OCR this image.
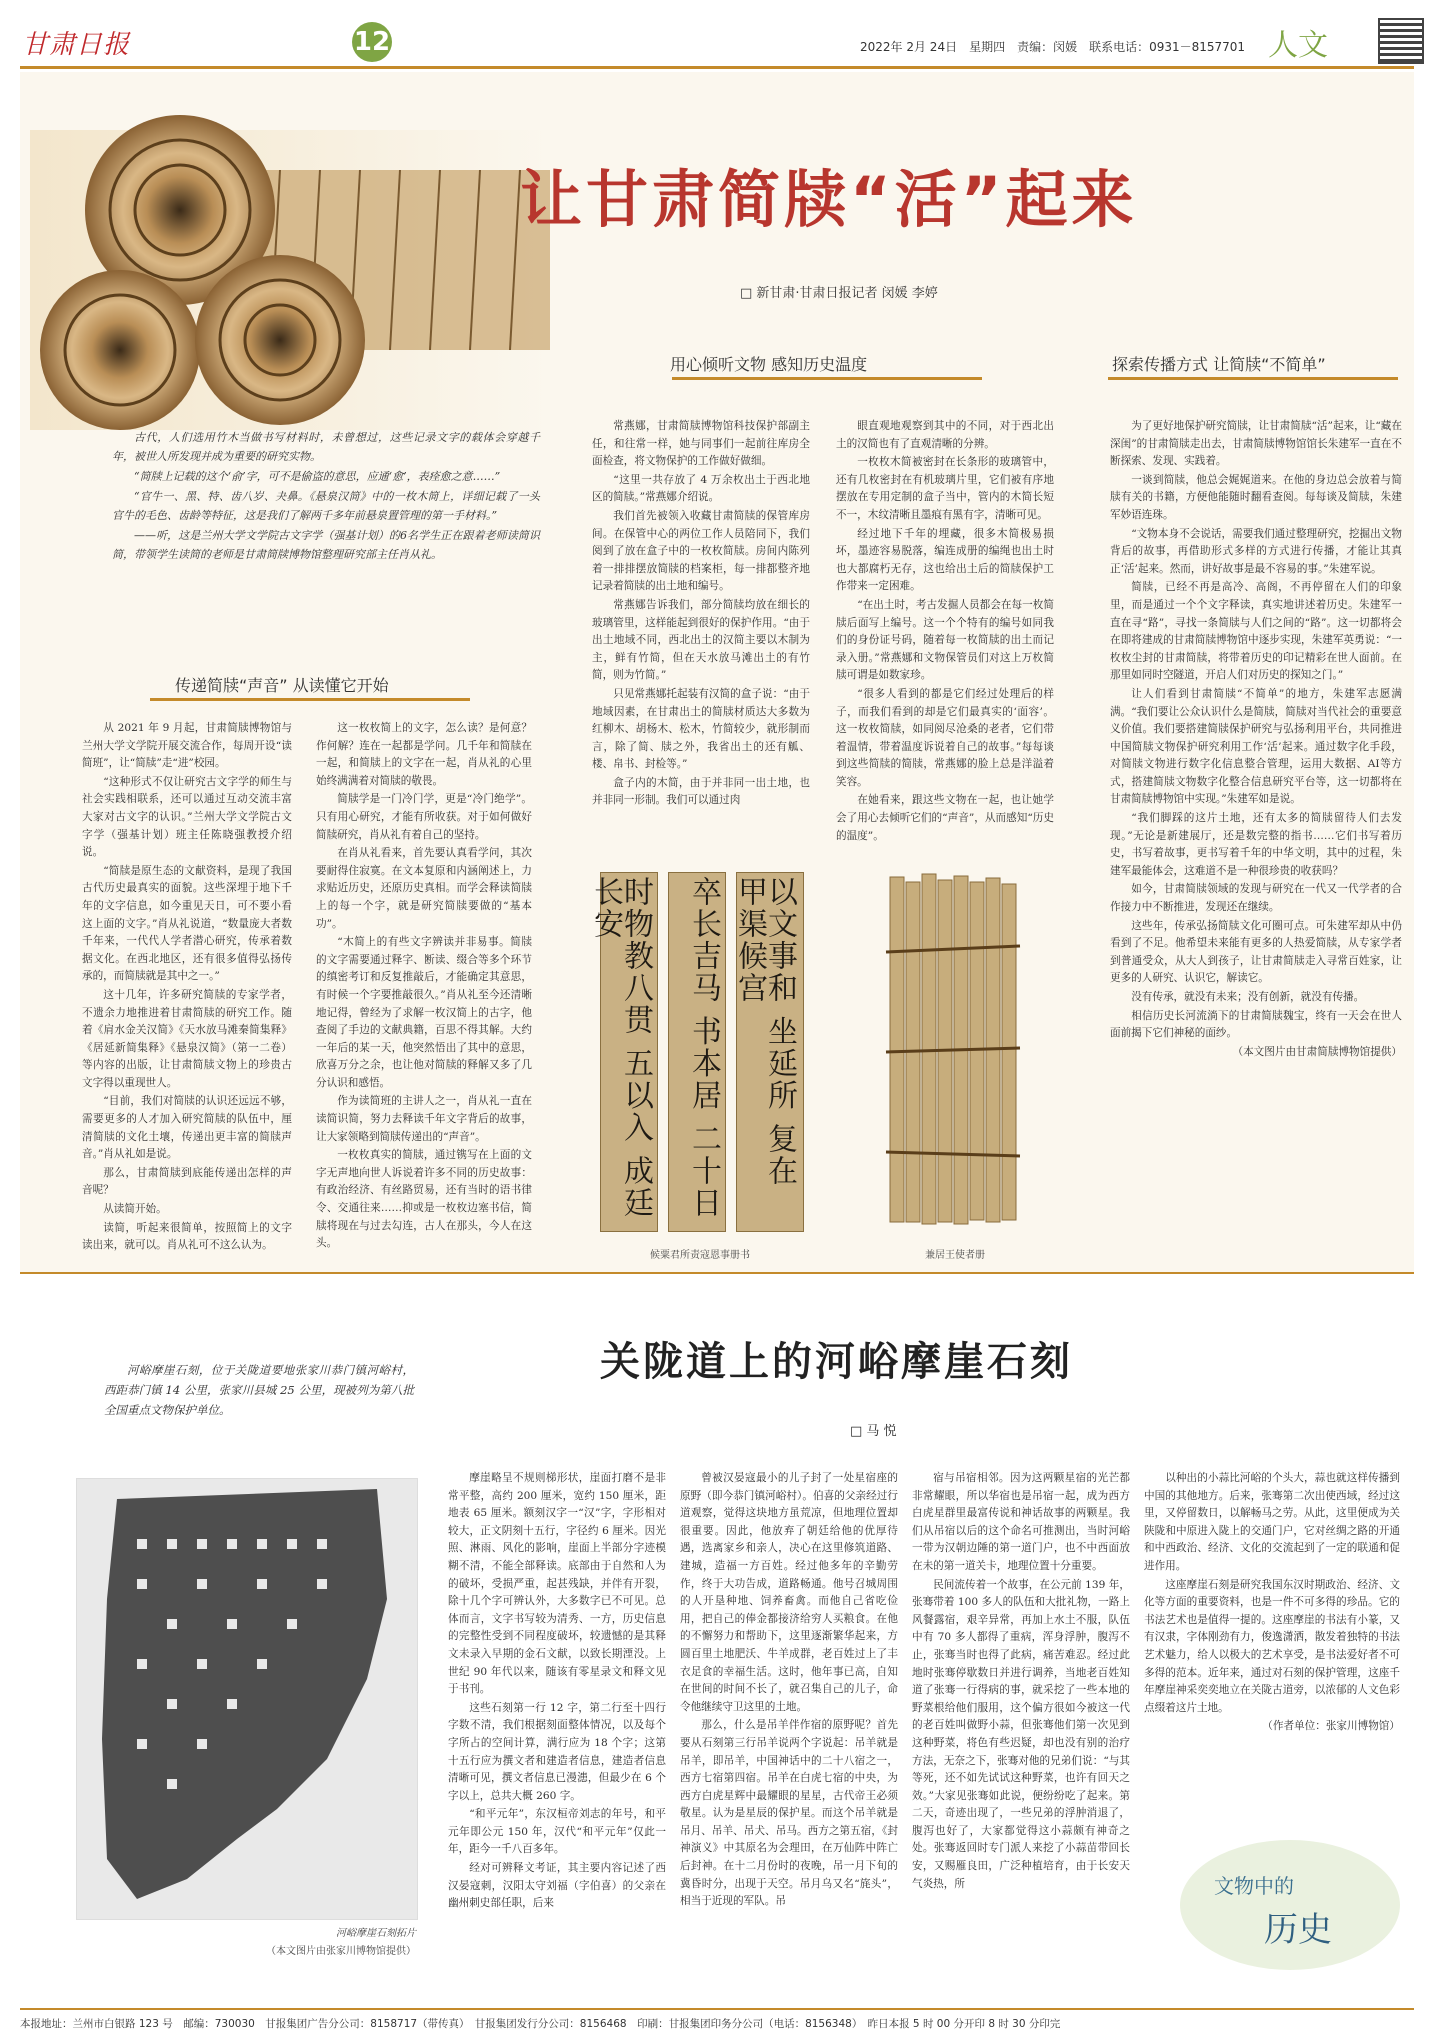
甘肃日报	12	2022年 2月 24日　星期四　责编：闵媛　联系电话：0931－8157701 人文
让甘肃简牍“活”起来
□ 新甘肃·甘肃日报记者 闵媛 李婷
用心倾听文物 感知历史温度	探索传播方式 让简牍“不简单”

古代，人们选用竹木当做书写材料时，未曾想过，这些记录文字的载体会穿越千年，被世人所发现并成为重要的研究实物。

“简牍上记载的这个‘俞’字，可不是偷盗的意思，应通‘愈’，表痊愈之意……”

“官牛一、黑、特、齿八岁、夬鼻。《悬泉汉简》中的一枚木简上，详细记载了一头官牛的毛色、齿龄等特征，这是我们了解两千多年前悬泉置管理的第一手材料。”

——听，这是兰州大学文学院古文字学（强基计划）的6名学生正在跟着老师读简识简，带领学生读简的老师是甘肃简牍博物馆整理研究部主任肖从礼。

传递简牍“声音” 从读懂它开始

从 2021 年 9 月起，甘肃简牍博物馆与兰州大学文学院开展交流合作，每周开设“读简班”，让“简牍”走“进”校园。

“这种形式不仅让研究古文字学的师生与社会实践相联系，还可以通过互动交流丰富大家对古文字的认识。”兰州大学文学院古文字学（强基计划）班主任陈晓强教授介绍说。

“简牍是原生态的文献资料，是现了我国古代历史最真实的面貌。这些深埋于地下千年的文字信息，如今重见天日，可不要小看这上面的文字。”肖从礼说道，“数量庞大者数千年来，一代代人学者潜心研究，传承着数据文化。在西北地区，还有很多值得弘扬传承的，而简牍就是其中之一。”

这十几年，许多研究简牍的专家学者，不遗余力地推进着甘肃简牍的研究工作。随着《肩水金关汉简》《天水放马滩秦简集释》《居延新简集释》《悬泉汉简》（第一二卷）等内容的出版，让甘肃简牍文物上的珍贵古文字得以重现世人。

“目前，我们对简牍的认识还远远不够，需要更多的人才加入研究简牍的队伍中，厘清简牍的文化土壤，传递出更丰富的简牍声音。”肖从礼如是说。

那么，甘肃简牍到底能传递出怎样的声音呢？

从读简开始。

读简，听起来很简单，按照简上的文字读出来，就可以。肖从礼可不这么认为。

这一枚枚简上的文字，怎么读？是何意？作何解？连在一起都是学问。几千年和简牍在一起，和简牍上的文字在一起，肖从礼的心里始终满满着对简牍的敬畏。

简牍学是一门冷门学，更是“冷门绝学”。只有用心研究，才能有所收获。对于如何做好简牍研究，肖从礼有着自己的坚持。

在肖从礼看来，首先要认真看学问，其次要耐得住寂寞。在文本复原和内涵阐述上，力求贴近历史，还原历史真相。而学会释读简牍上的每一个字，就是研究简牍要做的“基本功”。

“木简上的有些文字辨读并非易事。简牍的文字需要通过释字、断读、缀合等多个环节的缜密考订和反复推敲后，才能确定其意思，有时候一个字要推敲很久。”肖从礼至今还清晰地记得，曾经为了求解一枚汉简上的古字，他查阅了手边的文献典籍，百思不得其解。大约一年后的某一天，他突然悟出了其中的意思，欣喜万分之余，也让他对简牍的释解又多了几分认识和感悟。

作为读简班的主讲人之一，肖从礼一直在读简识简，努力去释读千年文字背后的故事，让大家领略到简牍传递出的“声音”。

一枚枚真实的简牍，通过镌写在上面的文字无声地向世人诉说着许多不同的历史故事：有政治经济、有丝路贸易，还有当时的语书律令、交通往来……抑或是一枚枚边塞书信，简牍将现在与过去勾连，古人在那头，今人在这头。

常燕娜，甘肃简牍博物馆科技保护部副主任，和往常一样，她与同事们一起前往库房全面检查，将文物保护的工作做好做细。

“这里一共存放了 4 万余枚出土于西北地区的简牍。”常燕娜介绍说。

我们首先被领入收藏甘肃简牍的保管库房间。在保管中心的两位工作人员陪同下，我们阅到了放在盒子中的一枚枚简牍。房间内陈列着一排排摆放简牍的档案柜，每一排都整齐地记录着简牍的出土地和编号。

常燕娜告诉我们，部分简牍均放在细长的玻璃管里，这样能起到很好的保护作用。“由于出土地域不同，西北出土的汉简主要以木制为主，鲜有竹简，但在天水放马滩出土的有竹简，则为竹简。”

只见常燕娜托起装有汉简的盒子说：“由于地域因素，在甘肃出土的简牍材质达大多数为红柳木、胡杨木、松木，竹简较少，就形制而言，除了简、牍之外，我省出土的还有觚、楼、帛书、封检等。”

盒子内的木简，由于并非同一出土地，也并非同一形制。我们可以通过肉

眼直观地观察到其中的不同，对于西北出土的汉简也有了直观清晰的分辨。

一枚枚木简被密封在长条形的玻璃管中，还有几枚密封在有机玻璃片里，它们被有序地摆放在专用定制的盒子当中，管内的木简长短不一，木纹清晰且墨痕有黑有字，清晰可见。

经过地下千年的埋藏，很多木简极易损坏，墨迹容易脱落，编连成册的编绳也出土时也大都腐朽无存，这也给出土后的简牍保护工作带来一定困难。

“在出土时，考古发掘人员都会在每一枚简牍后面写上编号。这一个个特有的编号如同我们的身份证号码，随着每一枚简牍的出土而记录入册。”常燕娜和文物保管员们对这上万枚简牍可谓是如数家珍。

“很多人看到的都是它们经过处理后的样子，而我们看到的却是它们最真实的‘面容’。这一枚枚简牍，如同阅尽沧桑的老者，它们带着温情，带着温度诉说着自己的故事。”每每谈到这些简牍的简牍，常燕娜的脸上总是洋溢着笑容。

在她看来，跟这些文物在一起，也让她学会了用心去倾听它们的“声音”，从而感知“历史的温度”。

时物教八贯 五以入 成廷 长安	卒长吉马 书本居 二十日	以文事和 坐延所 复在 甲渠候宫
候粟君所责寇恩事册书	兼居王使者册

为了更好地保护研究简牍，让甘肃简牍“活”起来，让“藏在深闺”的甘肃简牍走出去，甘肃简牍博物馆馆长朱建军一直在不断探索、发现、实践着。

一谈到简牍，他总会娓娓道来。在他的身边总会放着与简牍有关的书籍，方便他能随时翻看查阅。每每谈及简牍，朱建军妙语连珠。

“文物本身不会说话，需要我们通过整理研究，挖掘出文物背后的故事，再借助形式多样的方式进行传播，才能让其真正‘活’起来。然而，讲好故事是最不容易的事。”朱建军说。

简牍，已经不再是高冷、高阁，不再停留在人们的印象里，而是通过一个个文字释读，真实地讲述着历史。朱建军一直在寻“路”，寻找一条简牍与人们之间的“路”。这一切都将会在即将建成的甘肃简牍博物馆中逐步实现，朱建军英勇说：“一枚枚尘封的甘肃简牍，将带着历史的印记精彩在世人面前。在那里如同时空隧道，开启人们对历史的探知之门。”

让人们看到甘肃简牍“不简单”的地方，朱建军志愿满满。“我们要让公众认识什么是简牍，简牍对当代社会的重要意义价值。我们要搭建简牍保护研究与弘扬利用平台，共同推进中国简牍文物保护研究利用工作‘活’起来。通过数字化手段，对简牍文物进行数字化信息整合管理，运用大数据、AI等方式，搭建简牍文物数字化整合信息研究平台等，这一切都将在甘肃简牍博物馆中实现。”朱建军如是说。

“我们脚踩的这片土地，还有太多的简牍留待人们去发现。”无论是新建展厅，还是数完整的指书……它们书写着历史，书写着故事，更书写着千年的中华文明，其中的过程，朱建军最能体会，这难道不是一种很珍贵的收获吗？

如今，甘肃简牍领域的发现与研究在一代又一代学者的合作接力中不断推进，发现还在继续。

这些年，传承弘扬简牍文化可圈可点。可朱建军却从中仍看到了不足。他希望未来能有更多的人热爱简牍，从专家学者到普通受众，从大人到孩子，让甘肃简牍走入寻常百姓家，让更多的人研究、认识它，解读它。

没有传承，就没有未来；没有创新，就没有传播。

相信历史长河流淌下的甘肃简牍魏宝，终有一天会在世人面前揭下它们神秘的面纱。

（本文图片由甘肃简牍博物馆提供）

关陇道上的河峪摩崖石刻
□ 马 悦

河峪摩崖石刻，位于关陇道要地张家川恭门镇河峪村，西距恭门镇 14 公里，张家川县城 25 公里，现被列为第八批全国重点文物保护单位。

河峪摩崖石刻拓片
（本文图片由张家川博物馆提供）

摩崖略呈不规则梯形状，崖面打磨不是非常平整，高约 200 厘米，宽约 150 厘米，距地表 65 厘米。额刻汉字一“汉”字，字形相对较大，正文阴刻十五行，字径约 6 厘米。因光照、淋雨、风化的影响，崖面上半部分字迹模糊不清，不能全部释读。底部由于自然和人为的破坏，受损严重，起甚残缺，并伴有开裂，除十几个字可辨认外，大多数字已不可见。总体而言，文字书写较为清秀、一方，历史信息的完整性受到不同程度破坏，较遗憾的是其释文未录入早期的金石文献，以致长期湮没。上世纪 90 年代以来，随该有零星录文和释文见于书刊。

这些石刻第一行 12 字，第二行至十四行字数不清，我们根据刻面整体情况，以及每个字所占的空间计算，满行应为 18 个字；这第十五行应为撰文者和建造者信息，建造者信息清晰可见，撰文者信息已漫漶，但最少在 6 个字以上，总共大概 260 字。

“和平元年”，东汉桓帝刘志的年号，和平元年即公元 150 年，汉代“和平元年”仅此一年，距今一千八百多年。

经对可辨释文考证，其主要内容记述了西汉晏寇刺，汉阳太守刘福（字伯喜）的父亲在幽州刺史部任职，后来

曾被汉晏寇最小的儿子封了一处星宿座的原野（即今恭门镇河峪村）。伯喜的父亲经过行道观察，觉得这块地方虽荒凉，但地理位置却很重要。因此，他放弃了朝廷给他的优厚待遇，选离家乡和亲人，决心在这里修筑道路、建城，造福一方百姓。经过他多年的辛勤劳作，终于大功告成，道路畅通。他号召城周围的人开垦种地、饲养畜禽。而他自己省吃俭用，把自己的俸金都接济给穷人买粮食。在他的不懈努力和帮助下，这里逐渐繁华起来，方圆百里土地肥沃、牛羊成群，老百姓过上了丰衣足食的幸福生活。这时，他年事已高，自知在世间的时间不长了，就召集自己的儿子，命令他继续守卫这里的土地。

那么，什么是吊羊伴作宿的原野呢？首先要从石刻第三行吊羊说两个字说起：吊羊就是吊羊，即吊羊，中国神话中的二十八宿之一，西方七宿第四宿。吊羊在白虎七宿的中央，为西方白虎星辉中最耀眼的星星，古代帝王必须敬星。认为是星辰的保护星。而这个吊羊就是吊月、吊羊、吊犬、吊马。西方之第五宿，《封神演义》中其原名为会理田，在万仙阵中阵亡后封神。在十二月份时的夜晚，吊一月下旬的冀昏时分，出现于天空。吊月乌又名“旄头”，相当于近现的军队。吊

宿与吊宿相邻。因为这两颗星宿的光芒都非常耀眼，所以华宿也是吊宿一起，成为西方白虎星群里最富传说和神话故事的两颗星。我们从吊宿以后的这个命名可推测出，当时河峪一带为汉朝边陲的第一道门户，也不中西面放在未的第一道关卡，地理位置十分重要。

民间流传着一个故事，在公元前 139 年，张骞带着 100 多人的队伍和大批礼物，一路上风餐露宿，艰辛异常，再加上水土不服，队伍中有 70 多人都得了重病，浑身浮肿，腹泻不止，张骞当时也得了此病，痛苦难忍。经过此地时张骞停歇数日并进行调养，当地老百姓知道了张骞一行得病的事，就采挖了一些本地的野菜根给他们服用，这个偏方很如今被这一代的老百姓叫做野小蒜，但张骞他们第一次见到这种野菜，将色有些迟疑，却也没有别的治疗方法，无奈之下，张骞对他的兄弟们说：“与其等死，还不如先试试这种野菜，也许有回天之效。”大家见张骞如此说，便纷纷吃了起来。第二天，奇迹出现了，一些兄弟的浮肿消退了，腹泻也好了，大家都觉得这小蒜颇有神奇之处。张骞返回时专门派人来挖了小蒜苗带回长安，又赐雁良田，广泛种植培育，由于长安天气炎热，所

以种出的小蒜比河峪的个头大，蒜也就这样传播到中国的其他地方。后来，张骞第二次出使西域，经过这里，又停留数日，以解畅马之劳。从此，这里便成为关陕陇和中原进入陇上的交通门户，它对丝绸之路的开通和中西政治、经济、文化的交流起到了一定的联通和促进作用。

这座摩崖石刻是研究我国东汉时期政治、经济、文化等方面的重要资料，也是一件不可多得的珍品。它的书法艺术也是值得一提的。这座摩崖的书法有小篆，又有汉隶，字体刚劲有力，俊逸潇洒，散发着独特的书法艺术魅力，给人以极大的艺术享受，是书法爱好者不可多得的范本。近年来，通过对石刻的保护管理，这座千年摩崖神采奕奕地立在关陇古道旁，以浓郁的人文色彩点缀着这片土地。

（作者单位：张家川博物馆）

文物中的
历史
本报地址：兰州市白银路 123 号　邮编：730030　甘报集团广告分公司：8158717（带传真）　甘报集团发行分公司：8156468　印刷：甘报集团印务分公司（电话：8156348）　昨日本报 5 时 00 分开印 8 时 30 分印完
